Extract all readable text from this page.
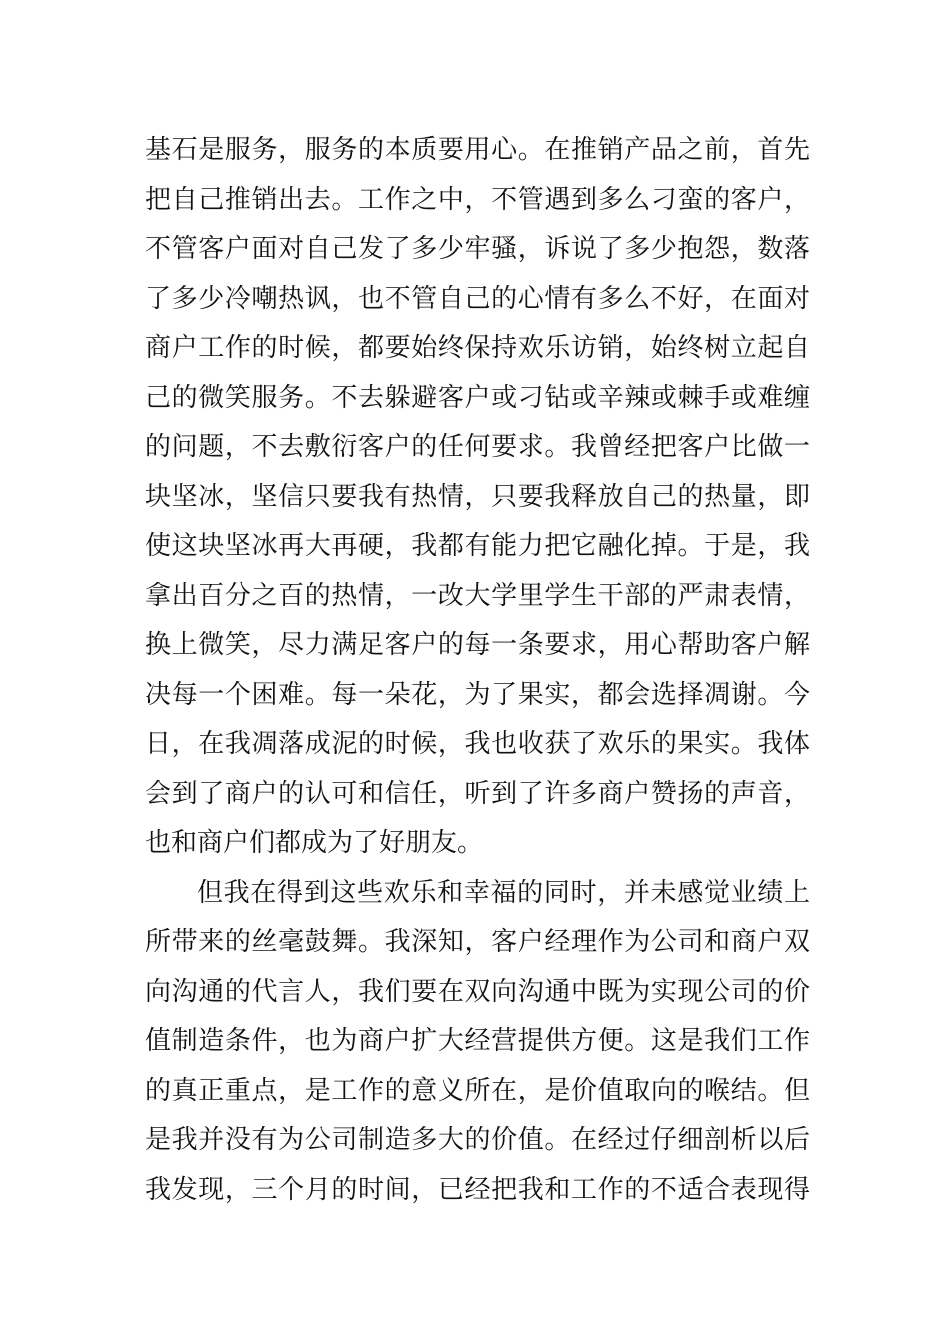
基石是服务，服务的本质要用心。在推销产品之前，首先
把自己推销出去。工作之中，不管遇到多么刁蛮的客户，
不管客户面对自己发了多少牢骚，诉说了多少抱怨，数落
了多少冷嘲热讽，也不管自己的心情有多么不好，在面对
商户工作的时候，都要始终保持欢乐访销，始终树立起自
己的微笑服务。不去躲避客户或刁钻或辛辣或棘手或难缠
的问题，不去敷衍客户的任何要求。我曾经把客户比做一
块坚冰，坚信只要我有热情，只要我释放自己的热量，即
使这块坚冰再大再硬，我都有能力把它融化掉。于是，我
拿出百分之百的热情，一改大学里学生干部的严肃表情，
换上微笑，尽力满足客户的每一条要求，用心帮助客户解
决每一个困难。每一朵花，为了果实，都会选择凋谢。今
日，在我凋落成泥的时候，我也收获了欢乐的果实。我体
会到了商户的认可和信任，听到了许多商户赞扬的声音，
也和商户们都成为了好朋友。
但我在得到这些欢乐和幸福的同时，并未感觉业绩上
所带来的丝毫鼓舞。我深知，客户经理作为公司和商户双
向沟通的代言人，我们要在双向沟通中既为实现公司的价
值制造条件，也为商户扩大经营提供方便。这是我们工作
的真正重点，是工作的意义所在，是价值取向的喉结。但
是我并没有为公司制造多大的价值。在经过仔细剖析以后
我发现，三个月的时间，已经把我和工作的不适合表现得
